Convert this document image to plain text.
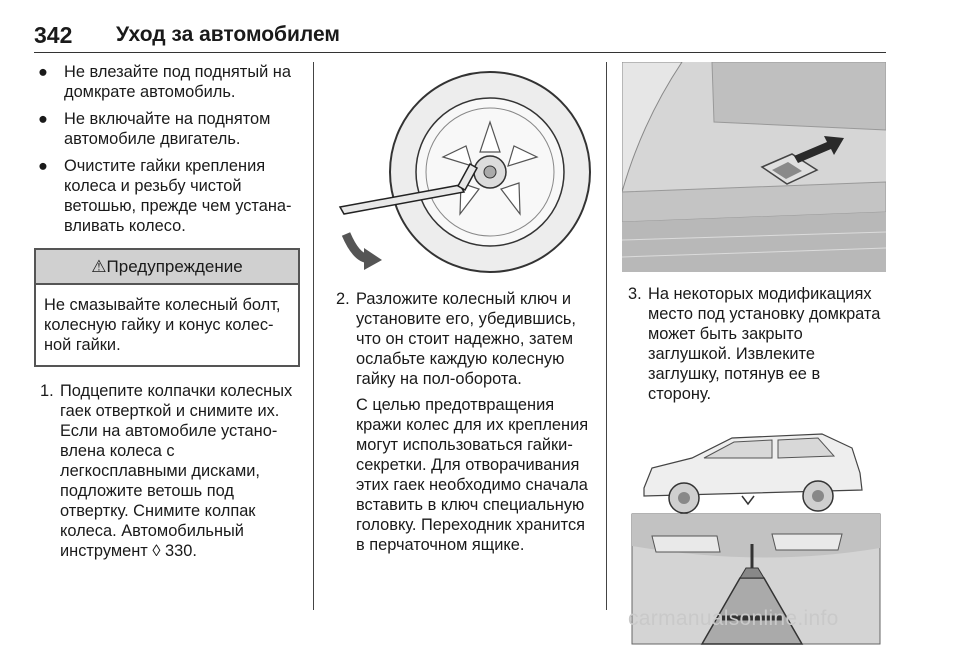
342 Уход за автомобилем
● Не влезайте под поднятый на домкрате автомобиль.
● Не включайте на поднятом автомобиле двигатель.
● Очистите гайки крепления колеса и резьбу чистой ветошью, прежде чем устана-вливать колесо.
⚠Предупреждение
Не смазывайте колесный болт, колесную гайку и конус колес-ной гайки.
1. Подцепите колпачки колесных гаек отверткой и снимите их. Если на автомобиле устано-влена колеса с легкосплавными дисками, подложите ветошь под отвертку. Снимите колпак колеса. Автомобильный инструмент ◊ 330.
2. Разложите колесный ключ и установите его, убедившись, что он стоит надежно, затем ослабьте каждую колесную гайку на пол-оборота.
С целью предотвращения кражи колес для их крепления могут использоваться гайки-секретки. Для отворачивания этих гаек необходимо сначала вставить в ключ специальную головку. Переходник хранится в перчаточном ящике.
3. На некоторых модификациях место под установку домкрата может быть закрыто заглушкой. Извлеките заглушку, потянув ее в сторону.
carmanualsonline.info
